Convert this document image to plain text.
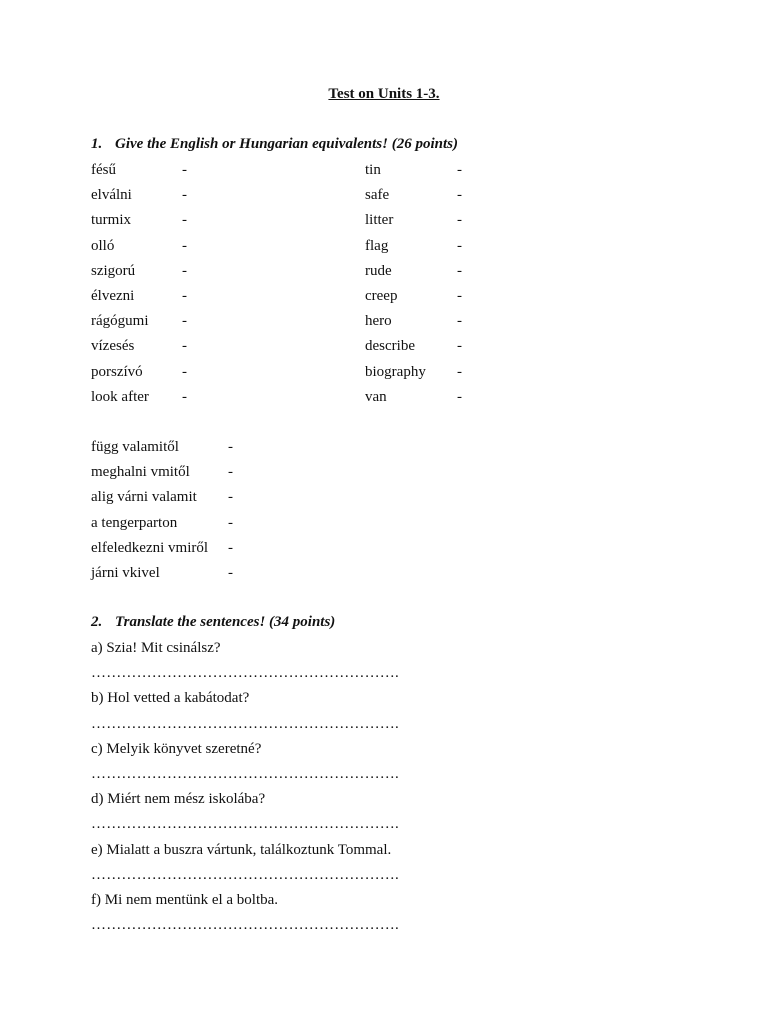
Test on Units 1-3.
1. Give the English or Hungarian equivalents! (26 points)
fésű	-	tin	-
elválni	-	safe	-
turmix	-	litter	-
olló	-	flag	-
szigorú	-	rude	-
élvezni	-	creep	-
rágógumi -	hero	-
vízesés	-	describe	-
porszívó	-	biography -
look after -	van	-
függ valamitől	-
meghalni vmitől	-
alig várni valamit -
a tengerparton	-
elfeledkezni vmiről -
járni vkivel	-
2. Translate the sentences! (34 points)
a) Szia! Mit csinálsz?
…………………………………………………….
b) Hol vetted a kabátodat?
…………………………………………………….
c) Melyik könyvet szeretné?
…………………………………………………….
d) Miért nem mész iskolába?
…………………………………………………….
e) Mialatt a buszra vártunk, találkoztunk Tommal.
…………………………………………………….
f) Mi nem mentünk el a boltba.
…………………………………………………….
